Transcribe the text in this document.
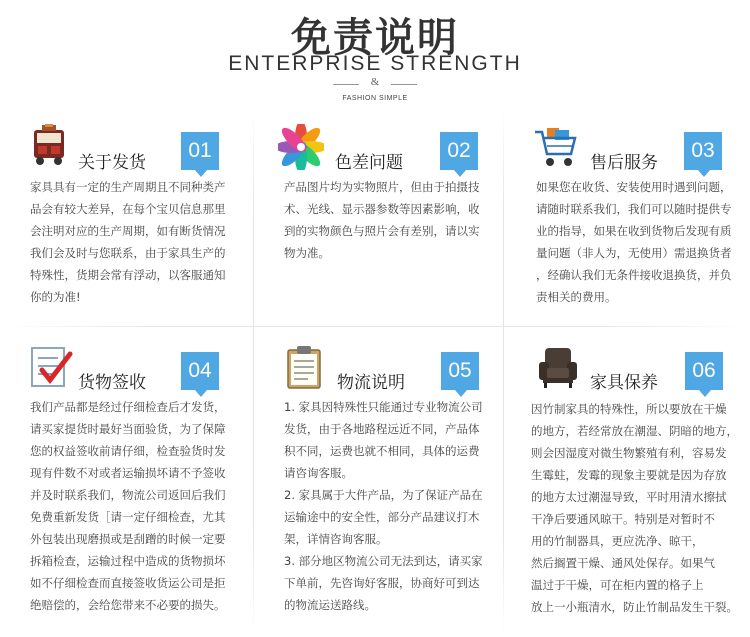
免责说明
ENTERPRISE STRENGTH
&
FASHION SIMPLE
关于发货
01
家具具有一定的生产周期且不同种类产
品会有较大差异，在每个宝贝信息那里
会注明对应的生产周期，如有断货情况
我们会及时与您联系，由于家具生产的
特殊性，货期会常有浮动，以客服通知
你的为准!
色差问题
02
产品图片均为实物照片，但由于拍摄技
术、光线、显示器参数等因素影响，收
到的实物颜色与照片会有差别，请以实
物为准。
售后服务
03
如果您在收货、安装使用时遇到问题，
请随时联系我们，我们可以随时提供专
业的指导，如果在收到货物后发现有质
量问题（非人为，无使用）需退换货者
，经确认我们无条件接收退换货，并负
责相关的费用。
货物签收
04
我们产品都是经过仔细检查后才发货，
请买家提货时最好当面验货，为了保障
您的权益签收前请仔细，检查验货时发
现有件数不对或者运输损坏请不予签收
并及时联系我们，物流公司返回后我们
免费重新发货［请一定仔细检查，尤其
外包装出现磨损或是刮蹭的时候一定要
拆箱检查，运输过程中造成的货物损坏
如不仔细检查而直接签收货运公司是拒
绝赔偿的，会给您带来不必要的损失。
物流说明
05
1. 家具因特殊性只能通过专业物流公司
发货，由于各地路程远近不同，产品体
积不同，运费也就不相同，具体的运费
请咨询客服。
2. 家具属于大件产品，为了保证产品在
运输途中的安全性，部分产品建议打木
架，详情咨询客服。
3. 部分地区物流公司无法到达，请买家
下单前，先咨询好客服，协商好可到达
的物流运送路线。
家具保养
06
因竹制家具的特殊性，所以要放在干燥
的地方，若经常放在潮湿、阴暗的地方，
则会因湿度对微生物繁殖有利，容易发
生霉蛀，发霉的现象主要就是因为存放
的地方太过潮湿导致，平时用清水擦拭
干净后要通风晾干。特别是对暂时不
用的竹制器具，更应洗净、晾干，
然后搁置干燥、通风处保存。如果气
温过于干燥，可在柜内置的格子上
放上一小瓶清水，防止竹制品发生干裂。
